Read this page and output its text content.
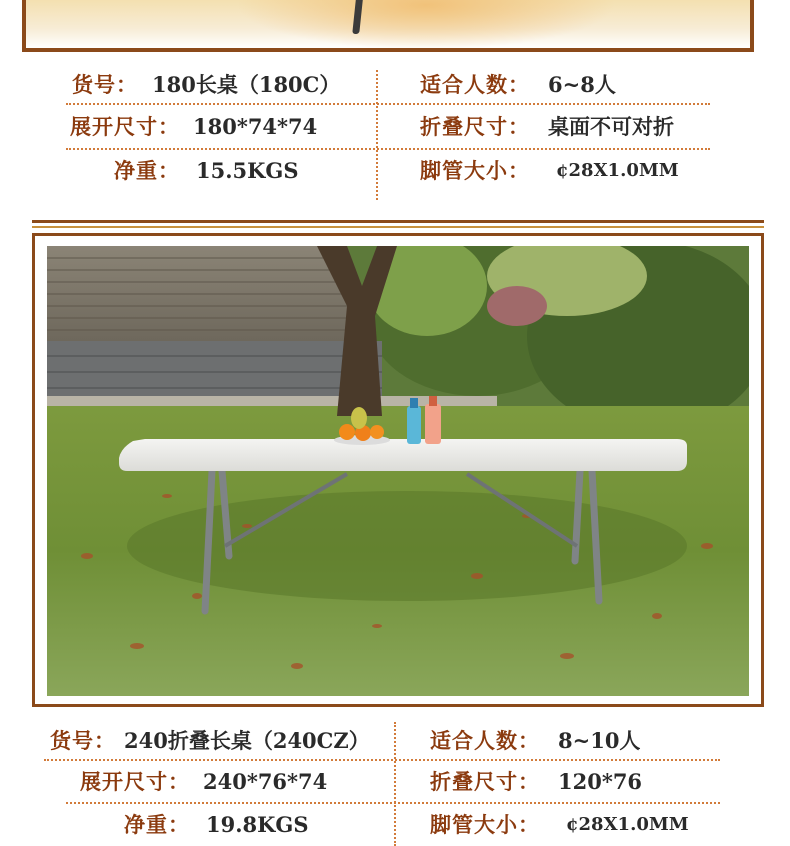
货号： 180长桌（180C）	适合人数： 6~8人
展开尺寸： 180*74*74	折叠尺寸： 桌面不可对折
净重： 15.5KGS	脚管大小： ¢28X1.0MM
货号： 240折叠长桌（240CZ）	适合人数： 8~10人
展开尺寸： 240*76*74	折叠尺寸： 120*76
净重： 19.8KGS	脚管大小： ¢28X1.0MM
